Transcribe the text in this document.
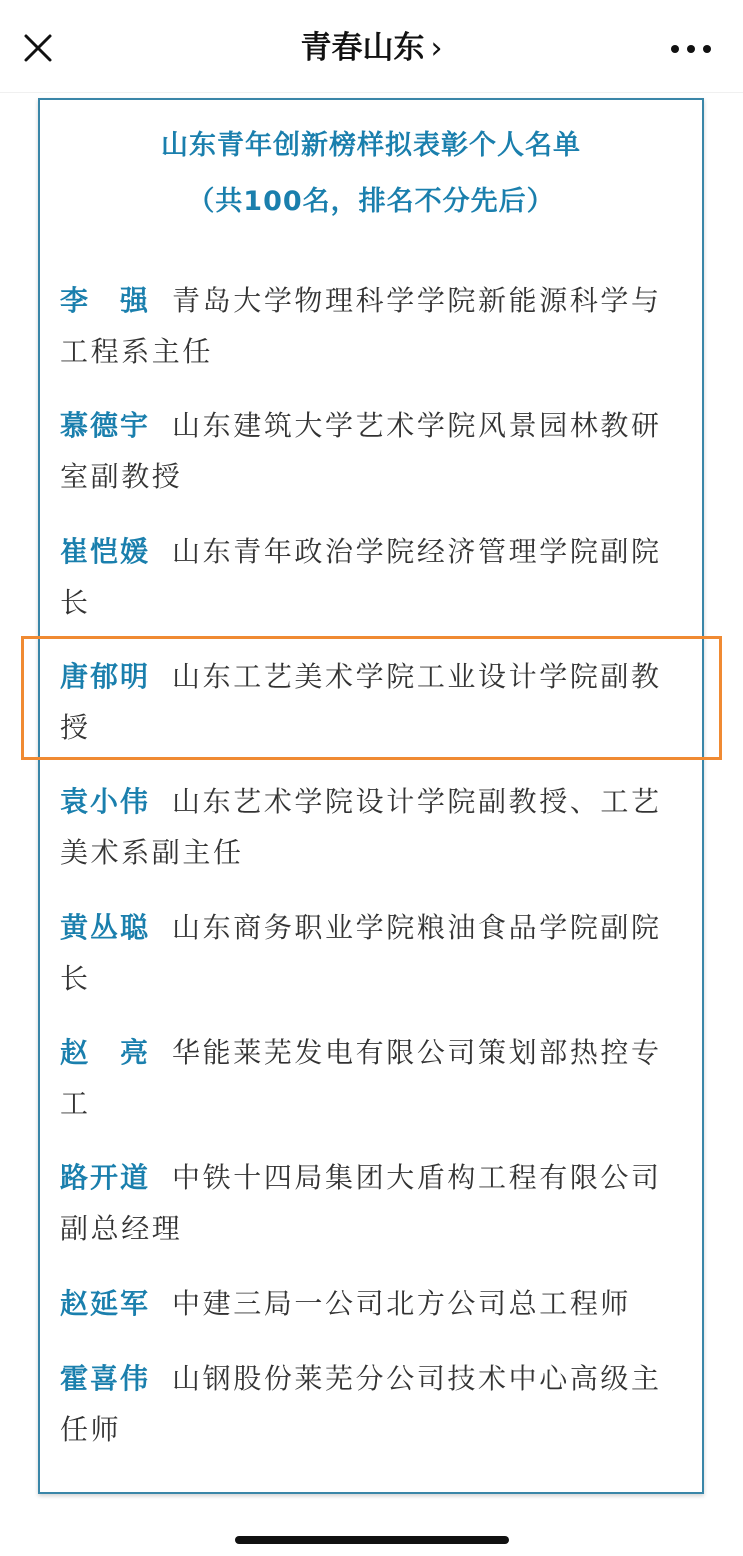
青春山东 ›
山东青年创新榜样拟表彰个人名单
（共100名，排名不分先后）
李　强 青岛大学物理科学学院新能源科学与工程系主任
慕德宇 山东建筑大学艺术学院风景园林教研室副教授
崔恺媛 山东青年政治学院经济管理学院副院长
唐郁明 山东工艺美术学院工业设计学院副教授
袁小伟 山东艺术学院设计学院副教授、工艺美术系副主任
黄丛聪 山东商务职业学院粮油食品学院副院长
赵　亮 华能莱芜发电有限公司策划部热控专工
路开道 中铁十四局集团大盾构工程有限公司副总经理
赵延军 中建三局一公司北方公司总工程师
霍喜伟 山钢股份莱芜分公司技术中心高级主任师
